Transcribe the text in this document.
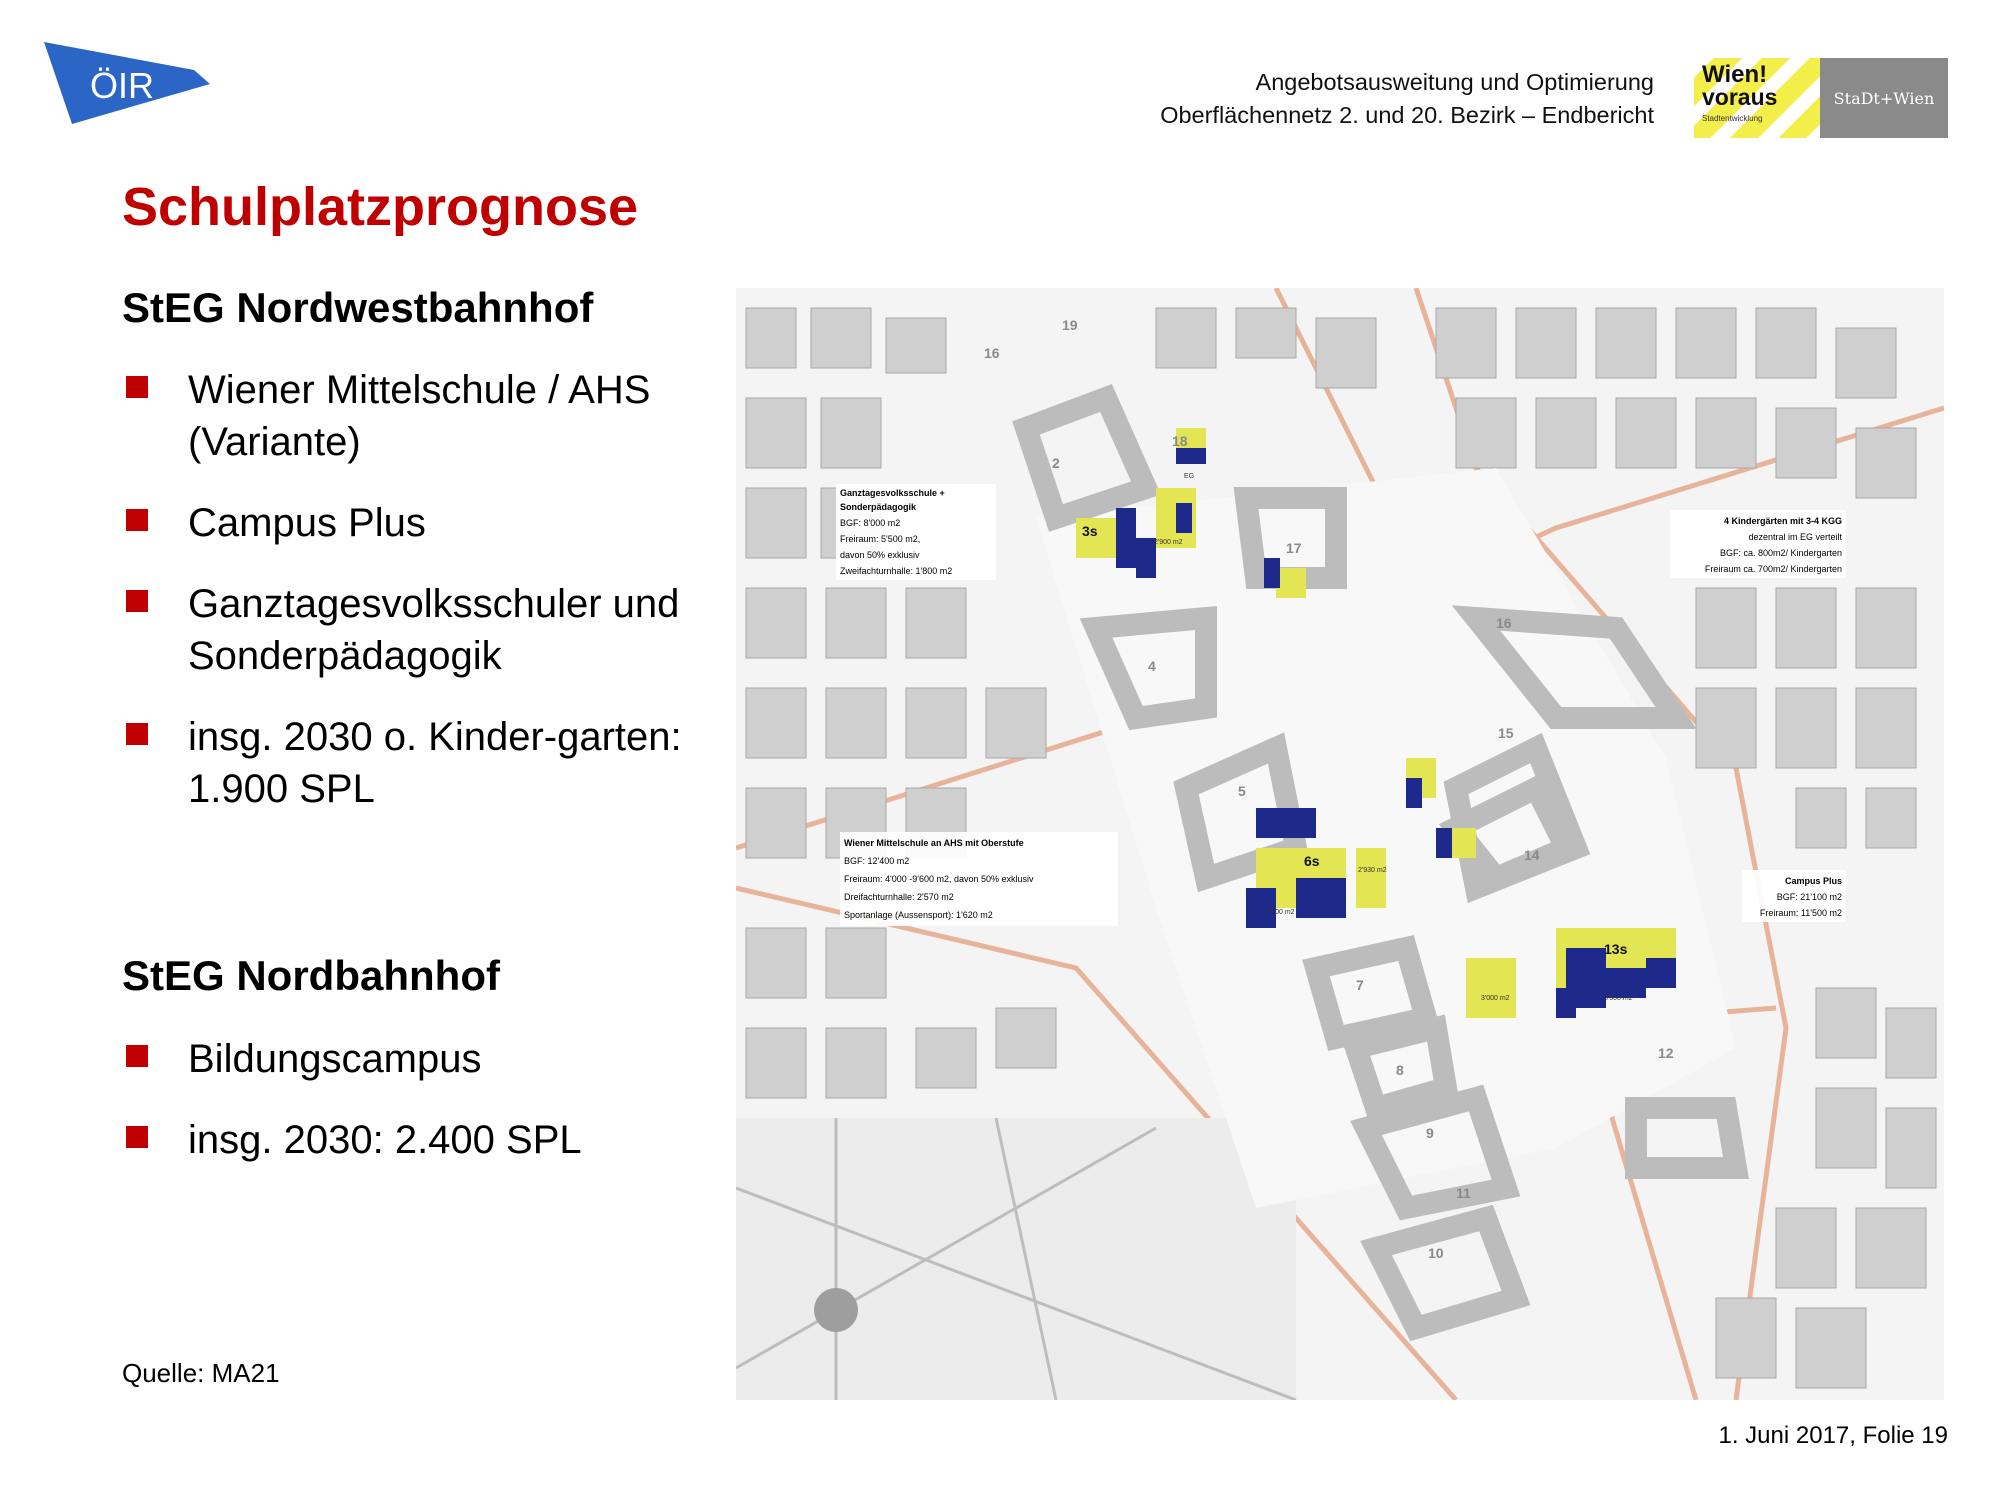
ÖIR	Angebotsausweitung und Optimierung
Oberflächennetz 2. und 20. Bezirk – Endbericht
Wien!
voraus
Stadtentwicklung
StaDt+Wien
Schulplatzprognose
StEG Nordwestbahnhof
Wiener Mittelschule / AHS (Variante)
Campus Plus
Ganztagesvolksschuler und Sonderpädagogik
insg. 2030 o. Kinder-garten: 1.900 SPL
StEG Nordbahnhof
Bildungscampus
insg. 2030: 2.400 SPL
Quelle: MA21
1. Juni 2017, Folie 19
2
4
5
7
8
9
10
11
12
14
15
16
17
18
19
16
3s
6s
13s
3'000 m2
2'900 m2
8'500 m2
2'800 m2
2'930 m2
EG
Ganztagesvolksschule +
Sonderpädagogik
BGF: 8'000 m2
Freiraum: 5'500 m2,
davon 50% exklusiv
Zweifachturnhalle: 1'800 m2
4 Kindergärten mit 3-4 KGG
dezentral im EG verteilt
BGF: ca. 800m2/ Kindergarten
Freiraum ca. 700m2/ Kindergarten
Wiener Mittelschule an AHS mit Oberstufe
BGF: 12'400 m2
Freiraum: 4'000 -9'600 m2, davon 50% exklusiv
Dreifachturnhalle: 2'570 m2
Sportanlage (Aussensport): 1'620 m2
Campus Plus
BGF: 21'100 m2
Freiraum: 11'500 m2
